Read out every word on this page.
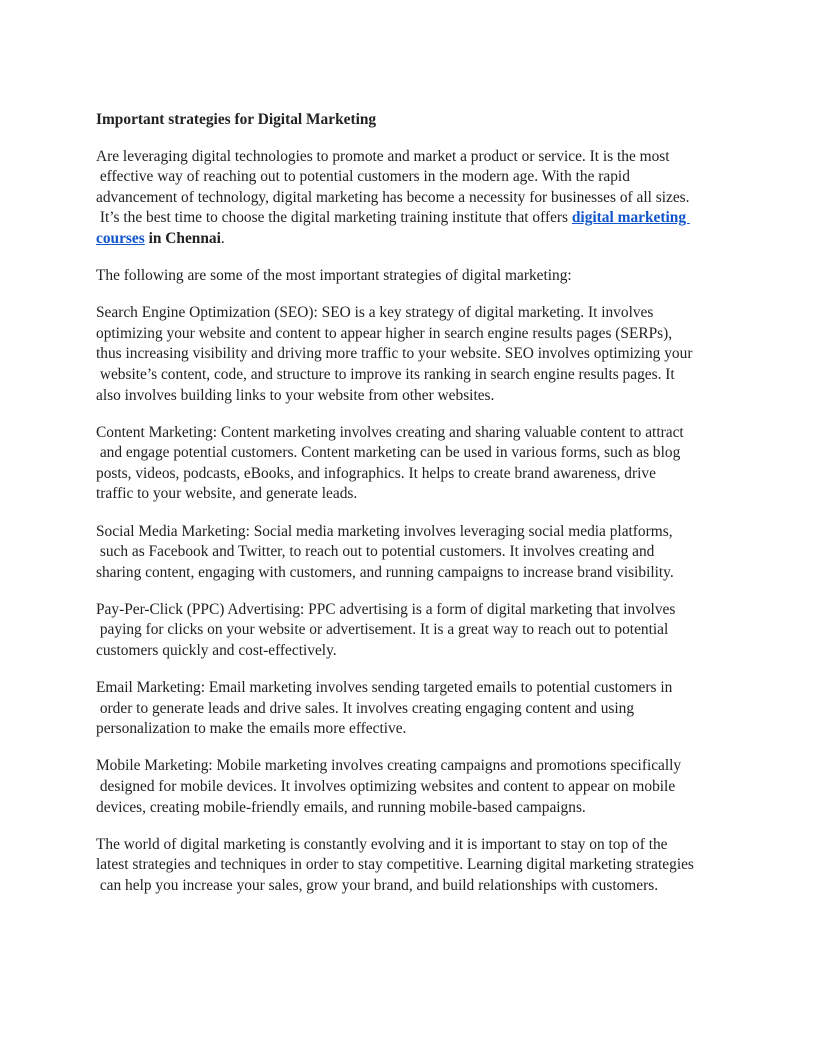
Important strategies for Digital Marketing
Are leveraging digital technologies to promote and market a product or service. It is the most
effective way of reaching out to potential customers in the modern age. With the rapid
advancement of technology, digital marketing has become a necessity for businesses of all sizes.
It’s the best time to choose the digital marketing training institute that offers digital marketing
courses in Chennai.
The following are some of the most important strategies of digital marketing:
Search Engine Optimization (SEO): SEO is a key strategy of digital marketing. It involves
optimizing your website and content to appear higher in search engine results pages (SERPs),
thus increasing visibility and driving more traffic to your website. SEO involves optimizing your
website’s content, code, and structure to improve its ranking in search engine results pages. It
also involves building links to your website from other websites.
Content Marketing: Content marketing involves creating and sharing valuable content to attract
and engage potential customers. Content marketing can be used in various forms, such as blog
posts, videos, podcasts, eBooks, and infographics. It helps to create brand awareness, drive
traffic to your website, and generate leads.
Social Media Marketing: Social media marketing involves leveraging social media platforms,
such as Facebook and Twitter, to reach out to potential customers. It involves creating and
sharing content, engaging with customers, and running campaigns to increase brand visibility.
Pay-Per-Click (PPC) Advertising: PPC advertising is a form of digital marketing that involves
paying for clicks on your website or advertisement. It is a great way to reach out to potential
customers quickly and cost-effectively.
Email Marketing: Email marketing involves sending targeted emails to potential customers in
order to generate leads and drive sales. It involves creating engaging content and using
personalization to make the emails more effective.
Mobile Marketing: Mobile marketing involves creating campaigns and promotions specifically
designed for mobile devices. It involves optimizing websites and content to appear on mobile
devices, creating mobile-friendly emails, and running mobile-based campaigns.
The world of digital marketing is constantly evolving and it is important to stay on top of the
latest strategies and techniques in order to stay competitive. Learning digital marketing strategies
can help you increase your sales, grow your brand, and build relationships with customers.
